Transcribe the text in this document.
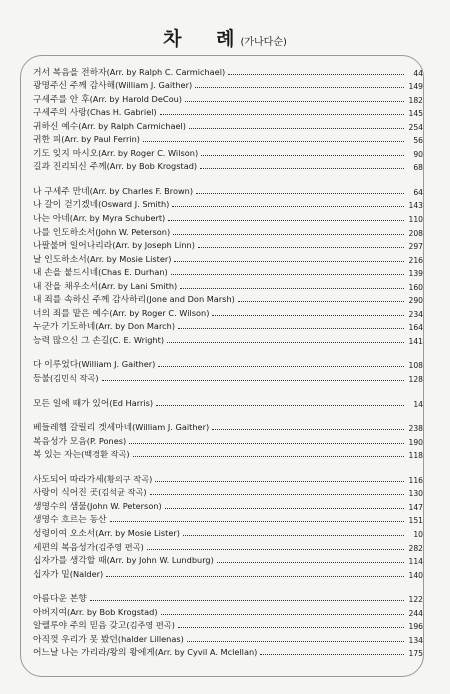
차 례(가나다순)
거서 복음을 전하자(Arr. by Ralph C. Carmichael)	44
광명주신 주께 감사해(William J. Gaither)	149
구세주를 안 후(Arr. by Harold DeCou)	182
구세주의 사랑(Chas H. Gabriel)	145
귀하신 예수(Arr. by Ralph Carmichael)	254
귀한 피(Arr. by Paul Ferrin)	56
기도 잊지 마시오(Arr. by Roger C. Wilson)	90
길과 진리되신 주께(Arr. by Bob Krogstad)	68
나 구세주 만네(Arr. by Charles F. Brown)	64
나 갈이 걷기겠네(Osward J. Smith)	143
나는 아네(Arr. by Myra Schubert)	110
나를 인도하소서(John W. Peterson)	208
나팔불며 일어나리라(Arr. by Joseph Linn)	297
날 인도하소서(Arr. by Mosie Lister)	216
내 손을 붙드시네(Chas E. Durhan)	139
내 잔을 채우소서(Arr. by Lani Smith)	160
내 죄를 속하신 주께 감사하리(Jone and Don Marsh)	290
너의 죄를 맡은 예수(Arr. by Roger C. Wilson)	234
누군가 기도하네(Arr. by Don March)	164
능력 많으신 그 손길(C. E. Wright)	141
다 이루었다(William J. Gaither)	108
등불(김민식 작곡)	128
모든 일에 때가 있어(Ed Harris)	14
베들레헴 갈릴리 겟세마네(William J. Gaither)	238
복음성가 모음(P. Pones)	190
복 있는 자는(백경환 작곡)	118
사도되어 따라가세(황의구 작곡)	116
사랑이 식어진 곳(김석균 작곡)	130
생명수의 샘물(John W. Peterson)	147
생명수 흐르는 동산	151
성령이여 오소서(Arr. by Mosie Lister)	10
세편의 복음성가(김주영 편곡)	282
십자가를 생각할 때(Arr. by John W. Lundburg)	114
십자가 밑(Nalder)	140
아름다운 본향	122
아버지여(Arr. by Bob Krogstad)	244
알렐루야 주의 믿음 갖고(김주영 편곡)	196
아직껏 우리가 못 봤던(halder Lillenas)	134
어느날 나는 가리라/왕의 왕에게(Arr. by Cyvil A. Mclellan)	175
